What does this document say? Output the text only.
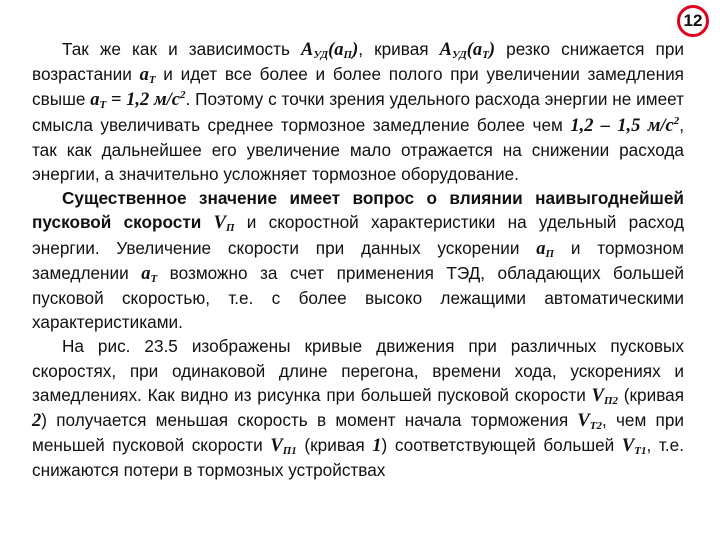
12

Так же как и зависимость $А_{УД}(а_П)$, кривая $А_{УД}(а_Т)$ резко снижается при возрастании $а_Т$ и идет все более и более полого при увеличении замедления свыше $а_Т = 1,2$ $м/с^2$. Поэтому с точки зрения удельного расхода энергии не имеет смысла увеличивать среднее тормозное замедление более чем 1,2 – 1,5 $м/с^2$, так как дальнейшее его увеличение мало отражается на снижении расхода энергии, а значительно усложняет тормозное оборудование.

Существенное значение имеет вопрос о влиянии наивыгоднейшей пусковой скорости $V_П$ и скоростной характеристики на удельный расход энергии. Увеличение скорости при данных ускорении $а_П$ и тормозном замедлении $а_Т$ возможно за счет применения ТЭД, обладающих большей пусковой скоростью, т.е. с более высоко лежащими автоматическими характеристиками.

На рис. 23.5 изображены кривые движения при различных пусковых скоростях, при одинаковой длине перегона, времени хода, ускорениях и замедлениях. Как видно из рисунка при большей пусковой скорости $V_{П2}$ (кривая 2) получается меньшая скорость в момент начала торможения $V_{Т2}$, чем при меньшей пусковой скорости $V_{П1}$ (кривая 1) соответствующей большей $V_{Т1}$, т.е. снижаются потери в тормозных устройствах
